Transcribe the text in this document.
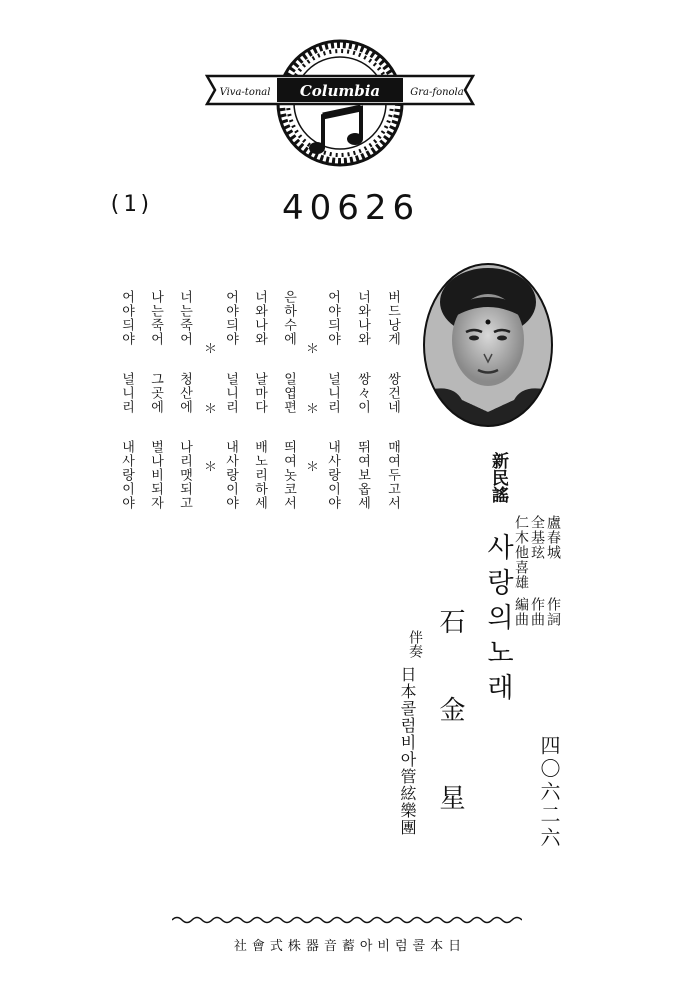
Columbia
Viva-tonal	Gra-fonola
(1)	40626
버드낭게쌍건네매여두고서
너와나와쌍々이뛰여보옵세
어야듸야널니리내사랑이야
＊
＊
＊
은하수에일엽편띄여놋코서
너와나와날마다배노리하세
어야듸야널니리내사랑이야
＊
＊
＊
너는죽어청산에나리맷되고
나는죽어그곳에벌나비되자
어야듸야널니리내사랑이야	新民謠
사랑의노래
石金星
盧春城
全基玹
仁木他喜雄
作詞
作曲
編曲
伴奏
日本콜럼비아管絃樂團	四〇六二六
日本콜럼비아蓄音器株式會社
